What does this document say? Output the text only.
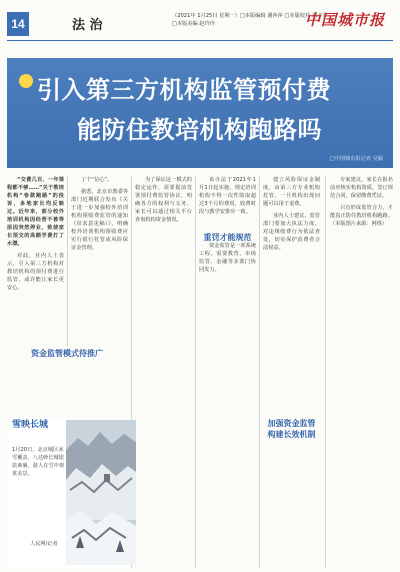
14	法 治
（2021年 1月25日 星期一）□本版编辑 谢萍萍 □本版校对 刘子菲
□本版美编 赵玲玲	中国城市报
引入第三方机构监管预付费
能防住教培机构跑路吗
□中国城市报记者 吴颖

“交费几百、一年课程都不够……”关于教培机构“卷款跑路”的投诉，多地家长均反映过。近年来，部分校外培训机构因经营不善等原因突然停业，致使家长预交的高额学费打了水漂。

对此，业内人士表示，引入第三方机构对教培机构的预付费进行监管，或许能让家长更安心。

了个“信心”。

据悉，北京市教委等部门近期联合发布《关于进一步加强校外培训机构预收费监管的通知（征求意见稿）》，明确校外培训机构预收费应实行银行托管或风险保证金管理。

为了保证这一模式的稳定运作，需要提前签署预付费监管协议，明确各方的权利与义务。家长可以通过相关平台查询机构资金情况。

该办法于2021年1月1日起实施。规定培训机构不得一次性收取超过3个月的费用，收费时段与教学安排应一致。

资金监管是一项系统工程，需要教育、市场监管、金融等多部门协同发力。

建立风险保证金制度，由第三方专业机构托管，一旦机构出现问题可以用于退费。

业内人士建议，监管部门要加大执法力度，对违规收费行为依法查处，切实保护消费者合法权益。

专家建议，家长在报名前应核实机构资质，签订规范合同，保留缴费凭证。

只有形成监管合力，才能真正防住教培机构跑路。（本版图片来源：网络）

资金监管模式待推广
重罚才能规范
加强资金监管 构建长效机制
雪映长城
1月20日，北京城区冰雪覆盖，八达岭长城银装素裹，游人在雪中观赏美景。
人民网/记者
